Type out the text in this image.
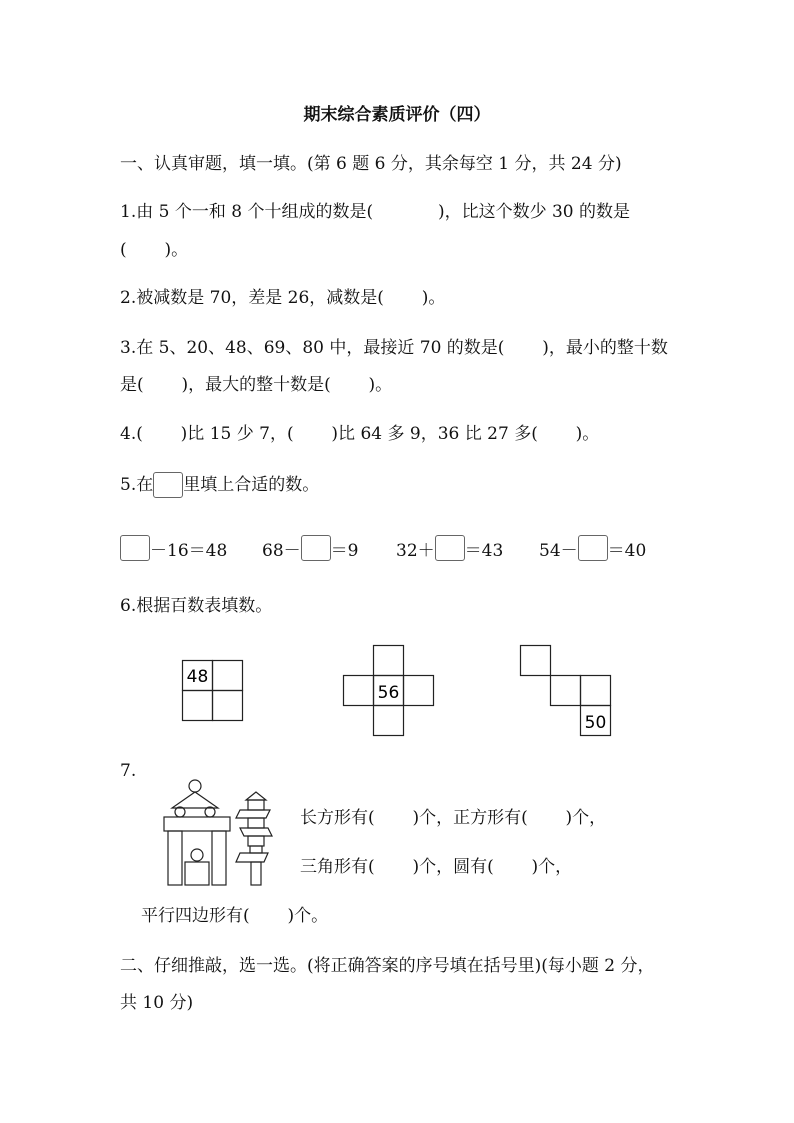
期末综合素质评价（四）
一、认真审题，填一填。(第 6 题 6 分，其余每空 1 分，共 24 分)
1.由 5 个一和 8 个十组成的数是(            )，比这个数少 30 的数是
(       )。
2.被减数是 70，差是 26，减数是(       )。
3.在 5、20、48、69、80 中，最接近 70 的数是(       )，最小的整十数
是(       )，最大的整十数是(       )。
4.(       )比 15 少 7，(       )比 64 多 9，36 比 27 多(       )。
5.在 里填上合适的数。
－16＝48 68－ ＝9 32＋ ＝43 54－ ＝40
6.根据百数表填数。
48
56
50
7.
长方形有(       )个，正方形有(       )个，
三角形有(       )个，圆有(       )个，
平行四边形有(       )个。
二、仔细推敲，选一选。(将正确答案的序号填在括号里)(每小题 2 分，
共 10 分)
